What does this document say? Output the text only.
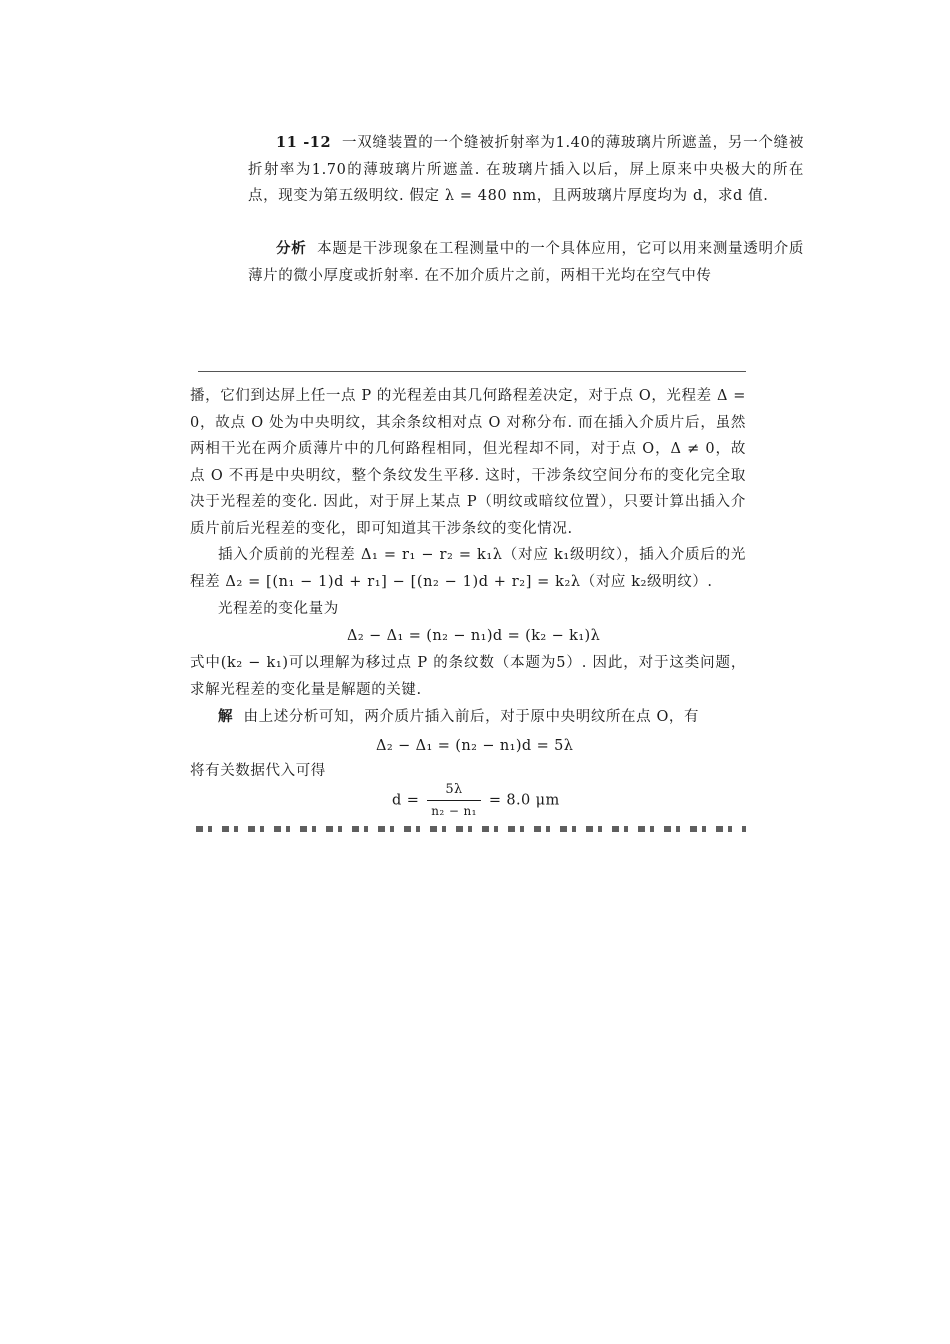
11 -12 一双缝装置的一个缝被折射率为1.40的薄玻璃片所遮盖，另一个缝被折射率为1.70的薄玻璃片所遮盖. 在玻璃片插入以后，屏上原来中央极大的所在点，现变为第五级明纹. 假定 λ = 480 nm，且两玻璃片厚度均为 d，求d 值.

分析 本题是干涉现象在工程测量中的一个具体应用，它可以用来测量透明介质薄片的微小厚度或折射率. 在不加介质片之前，两相干光均在空气中传

播，它们到达屏上任一点 P 的光程差由其几何路程差决定，对于点 O，光程差 Δ = 0，故点 O 处为中央明纹，其余条纹相对点 O 对称分布. 而在插入介质片后，虽然两相干光在两介质薄片中的几何路程相同，但光程却不同，对于点 O，Δ ≠ 0，故点 O 不再是中央明纹，整个条纹发生平移. 这时，干涉条纹空间分布的变化完全取决于光程差的变化. 因此，对于屏上某点 P（明纹或暗纹位置），只要计算出插入介质片前后光程差的变化，即可知道其干涉条纹的变化情况.

插入介质前的光程差 Δ₁ = r₁ − r₂ = k₁λ（对应 k₁级明纹），插入介质后的光程差 Δ₂ = [(n₁ − 1)d + r₁] − [(n₂ − 1)d + r₂] = k₂λ（对应 k₂级明纹）.

光程差的变化量为

Δ₂ − Δ₁ = (n₂ − n₁)d = (k₂ − k₁)λ

式中(k₂ − k₁)可以理解为移过点 P 的条纹数（本题为5）. 因此，对于这类问题，求解光程差的变化量是解题的关键.

解 由上述分析可知，两介质片插入前后，对于原中央明纹所在点 O，有

Δ₂ − Δ₁ = (n₂ − n₁)d = 5λ

将有关数据代入可得

$d = \frac{5\lambda}{\text{n₂ − n₁}} = 8.0$ μm
